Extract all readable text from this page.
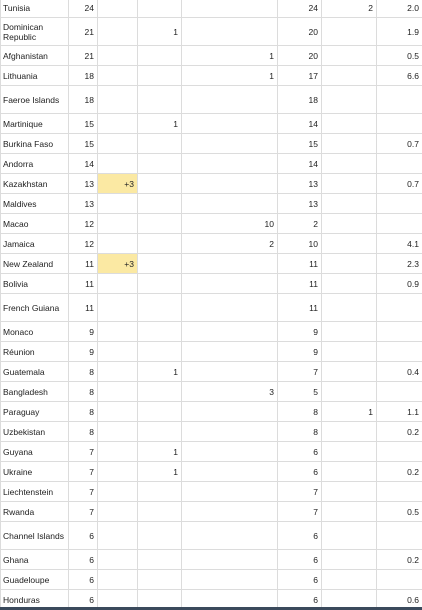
Tunisia	24				24	2	2.0
Dominican Republic	21		1		20		1.9
Afghanistan	21			1	20		0.5
Lithuania	18			1	17		6.6
Faeroe Islands	18				18		
Martinique	15		1		14		
Burkina Faso	15				15		0.7
Andorra	14				14		
Kazakhstan	13	+3			13		0.7
Maldives	13				13		
Macao	12			10	2		
Jamaica	12			2	10		4.1
New Zealand	11	+3			11		2.3
Bolivia	11				11		0.9
French Guiana	11				11		
Monaco	9				9		
Réunion	9				9		
Guatemala	8		1		7		0.4
Bangladesh	8			3	5		
Paraguay	8				8	1	1.1
Uzbekistan	8				8		0.2
Guyana	7		1		6		
Ukraine	7		1		6		0.2
Liechtenstein	7				7		
Rwanda	7				7		0.5
Channel Islands	6				6		
Ghana	6				6		0.2
Guadeloupe	6				6		
Honduras	6				6		0.6
